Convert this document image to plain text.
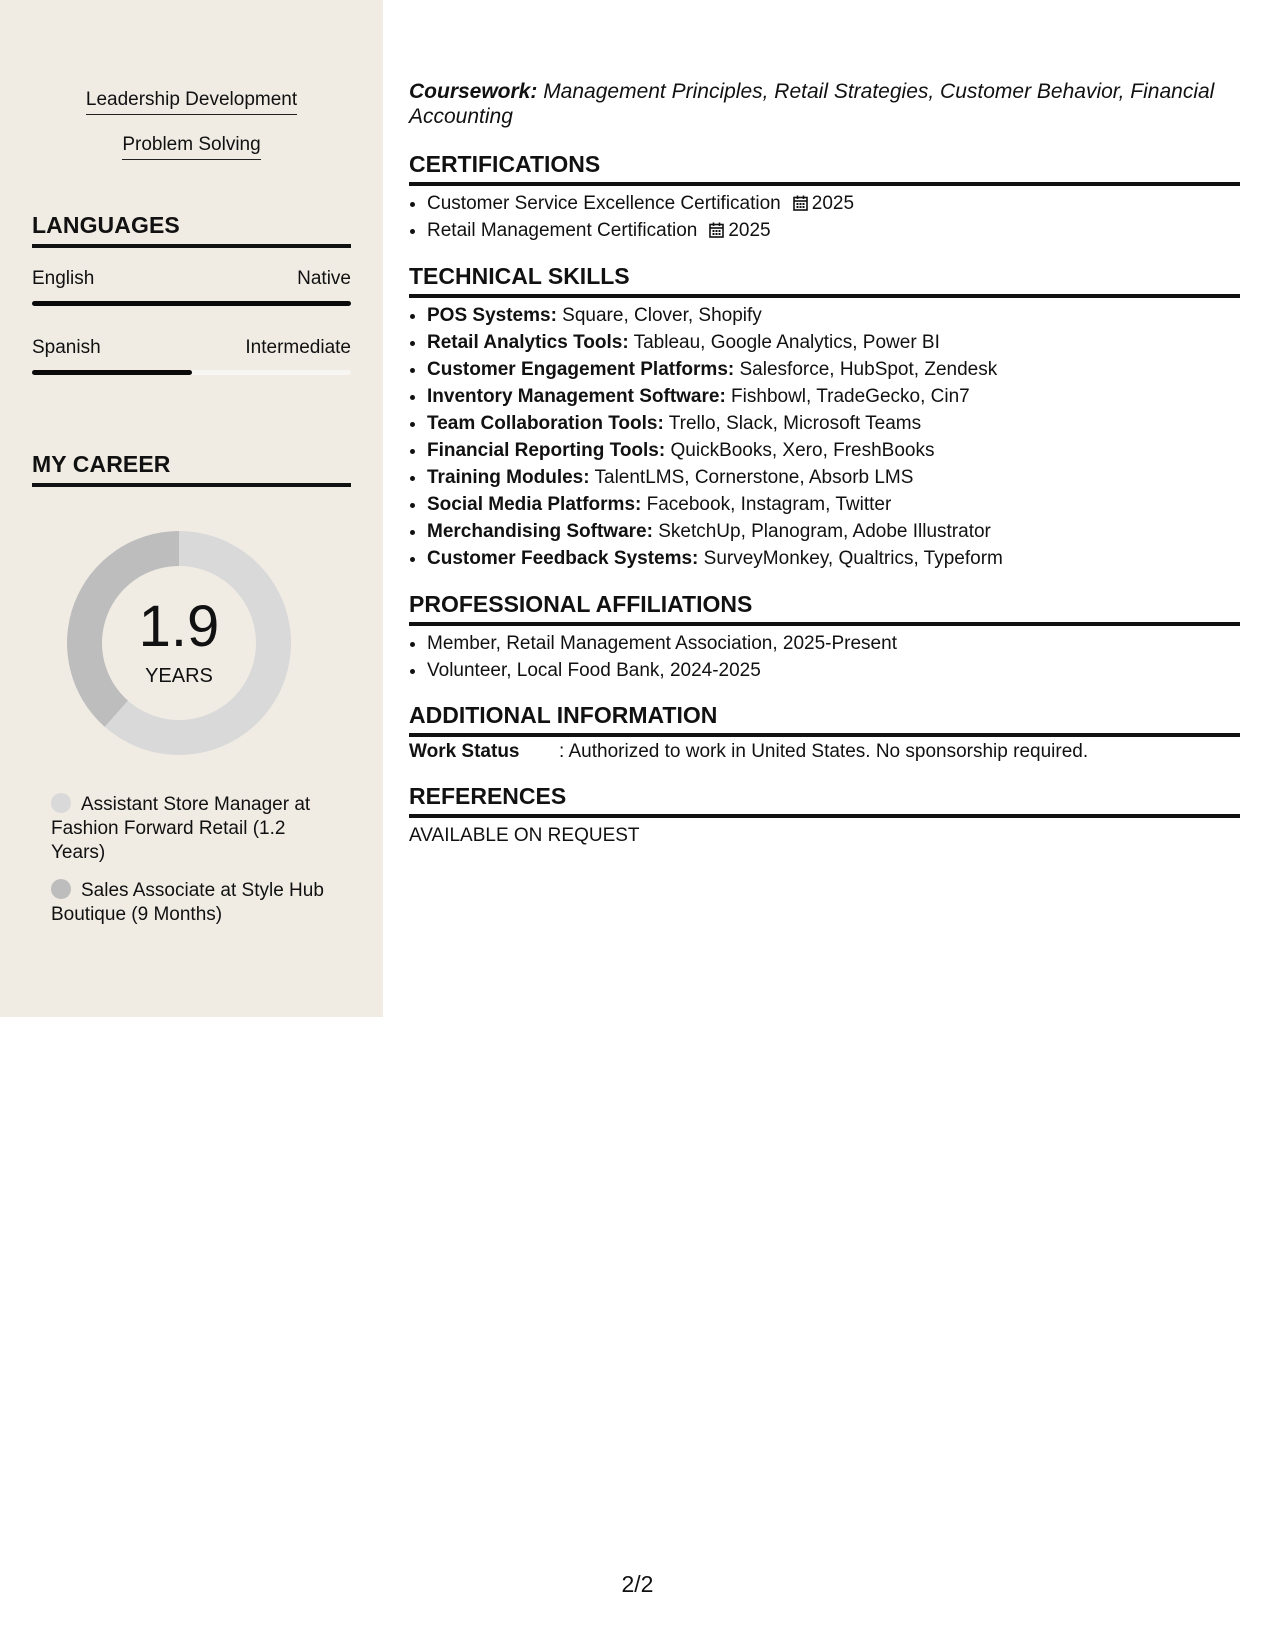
Leadership Development
Problem Solving
LANGUAGES
English	Native
Spanish	Intermediate
MY CAREER
1.9
YEARS
Assistant Store Manager at Fashion Forward Retail (1.2 Years)
Sales Associate at Style Hub Boutique (9 Months)
Coursework: Management Principles, Retail Strategies, Customer Behavior, Financial Accounting
CERTIFICATIONS
• Customer Service Excellence Certification 2025
• Retail Management Certification 2025
TECHNICAL SKILLS
• POS Systems: Square, Clover, Shopify
• Retail Analytics Tools: Tableau, Google Analytics, Power BI
• Customer Engagement Platforms: Salesforce, HubSpot, Zendesk
• Inventory Management Software: Fishbowl, TradeGecko, Cin7
• Team Collaboration Tools: Trello, Slack, Microsoft Teams
• Financial Reporting Tools: QuickBooks, Xero, FreshBooks
• Training Modules: TalentLMS, Cornerstone, Absorb LMS
• Social Media Platforms: Facebook, Instagram, Twitter
• Merchandising Software: SketchUp, Planogram, Adobe Illustrator
• Customer Feedback Systems: SurveyMonkey, Qualtrics, Typeform
PROFESSIONAL AFFILIATIONS
• Member, Retail Management Association, 2025-Present
• Volunteer, Local Food Bank, 2024-2025
ADDITIONAL INFORMATION
Work Status : Authorized to work in United States. No sponsorship required.
REFERENCES
AVAILABLE ON REQUEST
2/2
